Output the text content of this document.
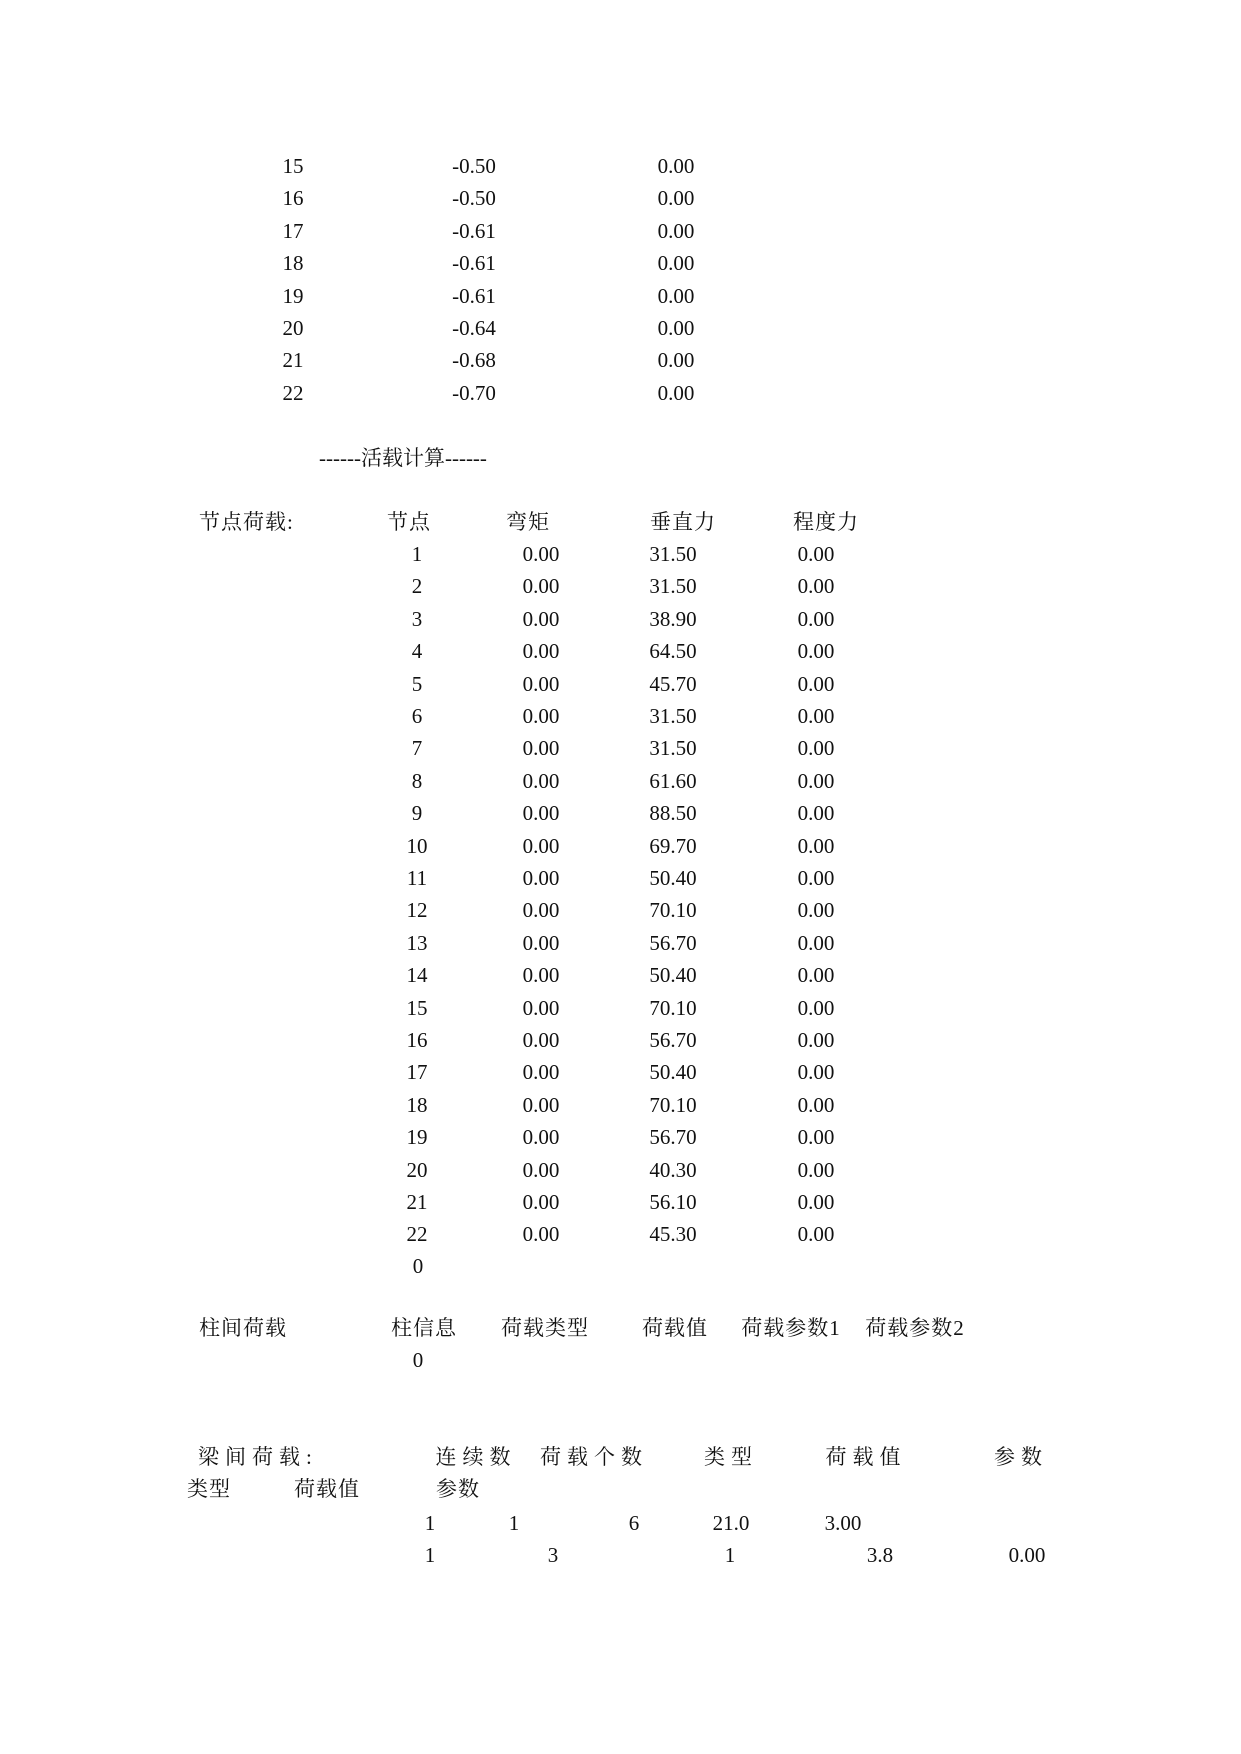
------活载计算------
节点荷载:	节点	弯矩	垂直力	程度力
0
柱间荷载	柱信息 荷载类型	荷载值 荷载参数1 荷载参数2
0
梁间荷载:	连续数 荷载个数	类型	荷载值	参数
类型	荷载值	参数
1	1	6	21.0	3.00
1	3	1	3.8	0.00
15	-0.50	0.00
16	-0.50	0.00
17	-0.61	0.00
18	-0.61	0.00
19	-0.61	0.00
20	-0.64	0.00
21	-0.68	0.00
22	-0.70	0.00
1	0.00	31.50	0.00
2	0.00	31.50	0.00
3	0.00	38.90	0.00
4	0.00	64.50	0.00
5	0.00	45.70	0.00
6	0.00	31.50	0.00
7	0.00	31.50	0.00
8	0.00	61.60	0.00
9	0.00	88.50	0.00
10	0.00	69.70	0.00
11	0.00	50.40	0.00
12	0.00	70.10	0.00
13	0.00	56.70	0.00
14	0.00	50.40	0.00
15	0.00	70.10	0.00
16	0.00	56.70	0.00
17	0.00	50.40	0.00
18	0.00	70.10	0.00
19	0.00	56.70	0.00
20	0.00	40.30	0.00
21	0.00	56.10	0.00
22	0.00	45.30	0.00
